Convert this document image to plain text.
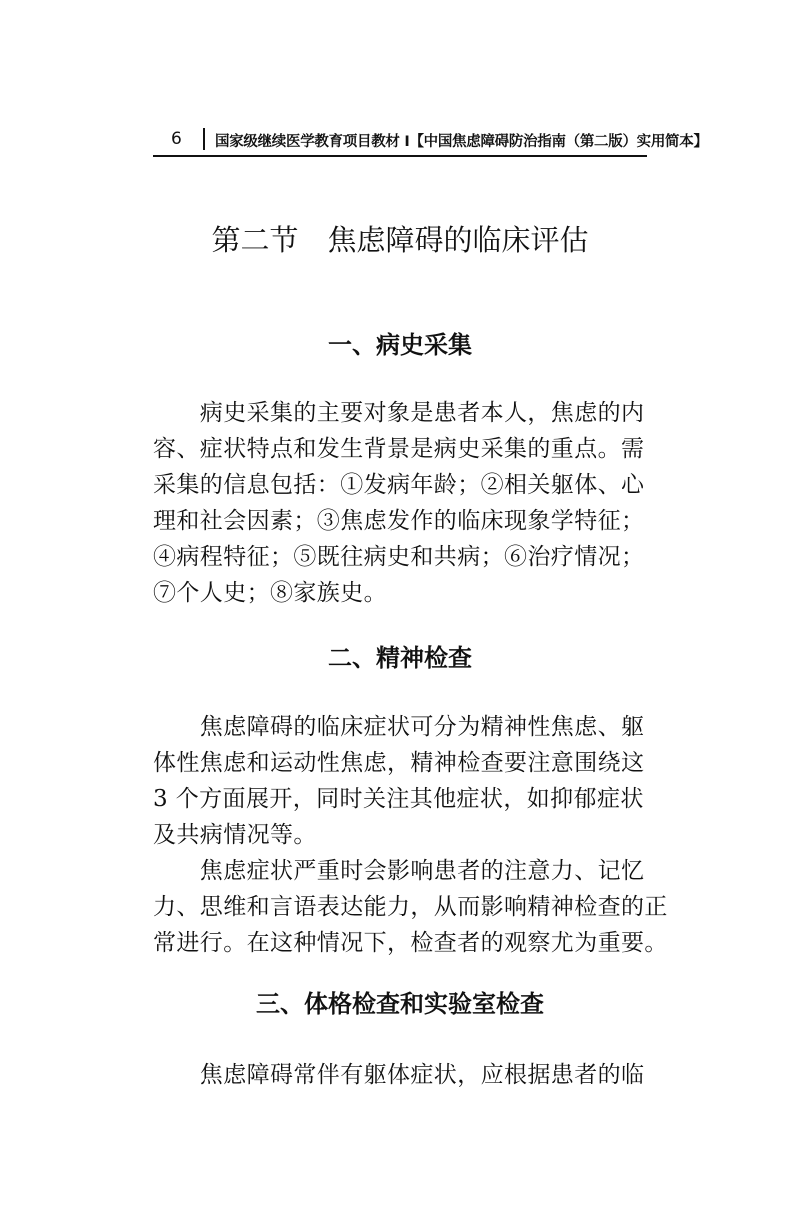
6 国家级继续医学教育项目教材 I【中国焦虑障碍防治指南（第二版）实用简本】
第二节　焦虑障碍的临床评估
一、病史采集
　　病史采集的主要对象是患者本人，焦虑的内
容、症状特点和发生背景是病史采集的重点。需
采集的信息包括：①发病年龄；②相关躯体、心
理和社会因素；③焦虑发作的临床现象学特征；
④病程特征；⑤既往病史和共病；⑥治疗情况；
⑦个人史；⑧家族史。
二、精神检查
　　焦虑障碍的临床症状可分为精神性焦虑、躯
体性焦虑和运动性焦虑，精神检查要注意围绕这
3 个方面展开，同时关注其他症状，如抑郁症状
及共病情况等。
　　焦虑症状严重时会影响患者的注意力、记忆
力、思维和言语表达能力，从而影响精神检查的正
常进行。在这种情况下，检查者的观察尤为重要。
三、体格检查和实验室检查
　　焦虑障碍常伴有躯体症状，应根据患者的临
